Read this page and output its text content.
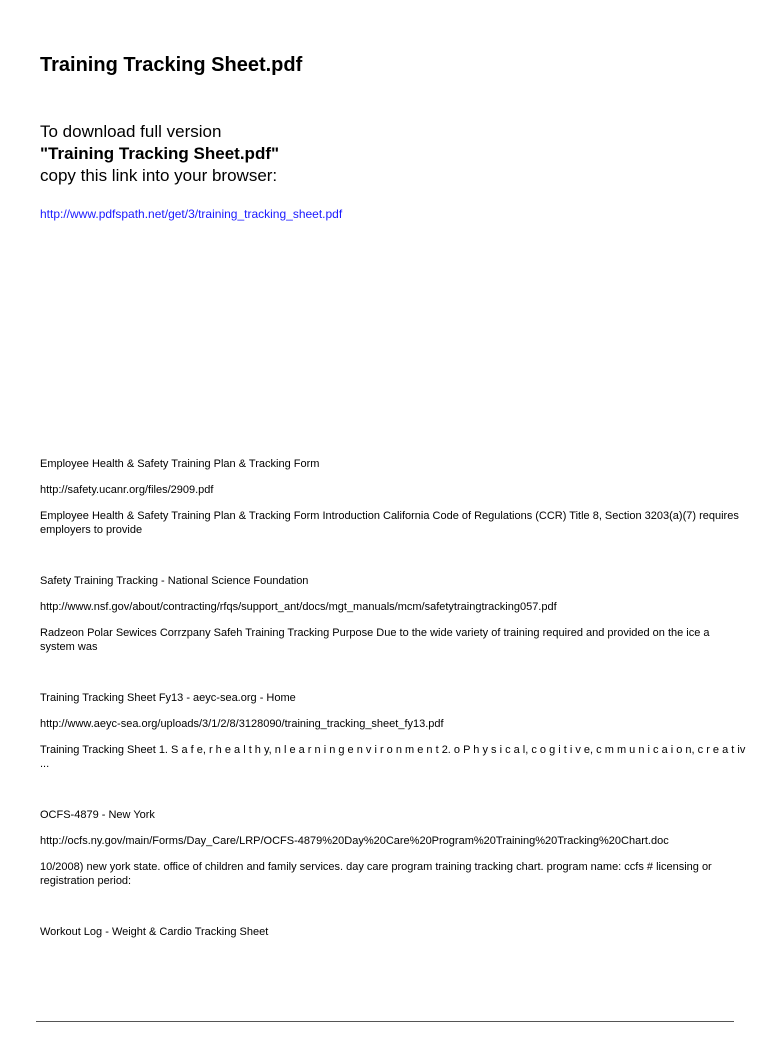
Training Tracking Sheet.pdf
To download full version
"Training Tracking Sheet.pdf"
copy this link into your browser:
http://www.pdfspath.net/get/3/training_tracking_sheet.pdf
Employee Health & Safety Training Plan & Tracking Form
http://safety.ucanr.org/files/2909.pdf
Employee Health & Safety Training Plan & Tracking Form Introduction California Code of Regulations (CCR) Title 8, Section 3203(a)(7) requires employers to provide
Safety Training Tracking - National Science Foundation
http://www.nsf.gov/about/contracting/rfqs/support_ant/docs/mgt_manuals/mcm/safetytraingtracking057.pdf
Radzeon Polar Sewices Corrzpany Safeh Training Tracking Purpose Due to the wide variety of training required and provided on the ice a system was
Training Tracking Sheet Fy13 - aeyc-sea.org - Home
http://www.aeyc-sea.org/uploads/3/1/2/8/3128090/training_tracking_sheet_fy13.pdf
Training Tracking Sheet 1. S a f e, r h e a l t h y, n l e a r n i n g e n v i r o n m e n t 2. o P h y s i c a l, c o g i t i v e, c m m u n i c a i o n, c r e a t iv ...
OCFS-4879 - New York
http://ocfs.ny.gov/main/Forms/Day_Care/LRP/OCFS-4879%20Day%20Care%20Program%20Training%20Tracking%20Chart.doc
10/2008) new york state. office of children and family services. day care program training tracking chart. program name: ccfs # licensing or registration period:
Workout Log - Weight & Cardio Tracking Sheet
